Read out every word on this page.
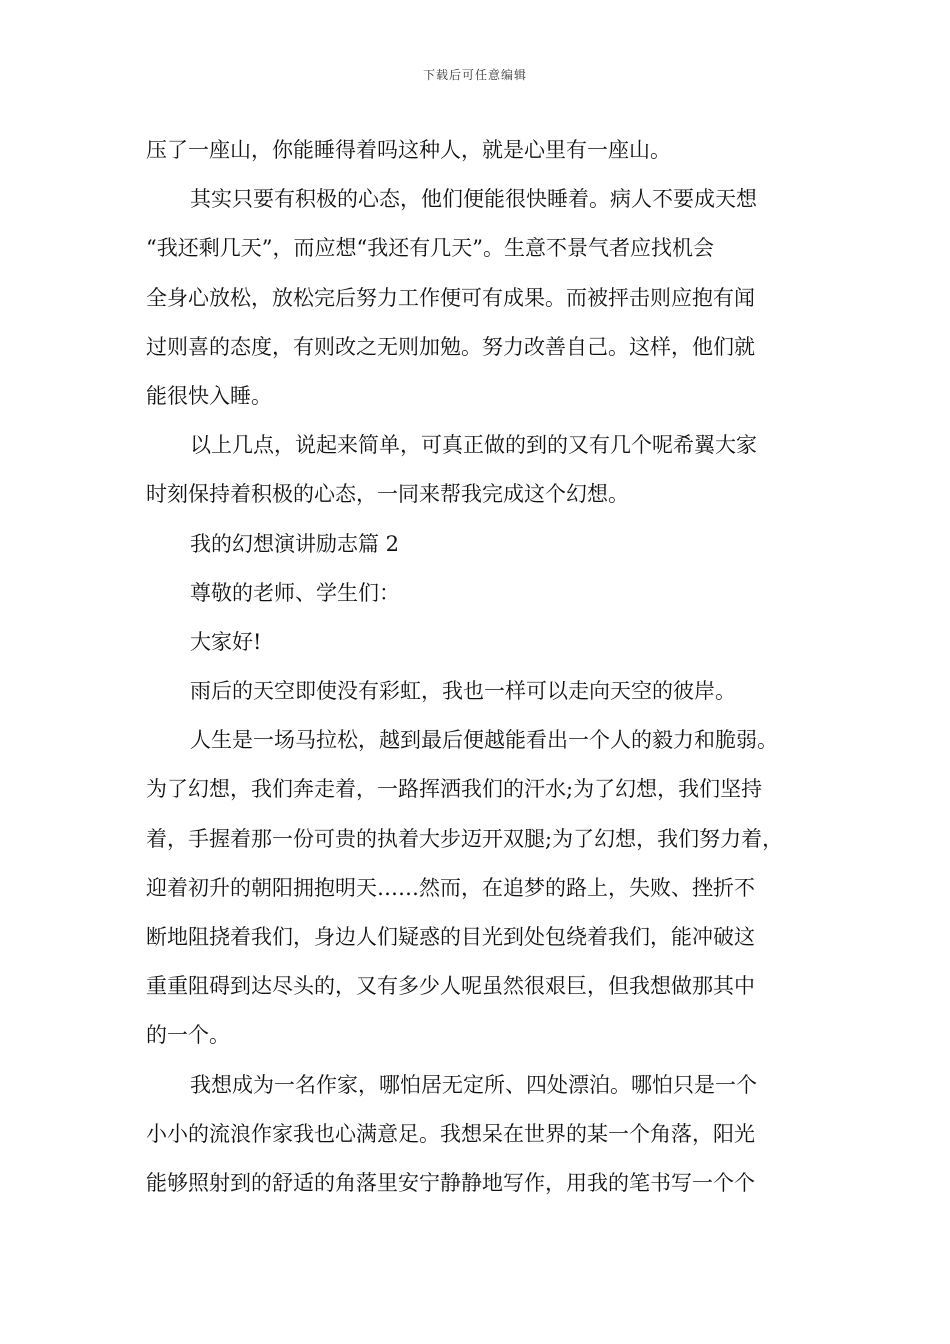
下载后可任意编辑
压了一座山，你能睡得着吗这种人，就是心里有一座山。
其实只要有积极的心态，他们便能很快睡着。病人不要成天想
“我还剩几天”，而应想“我还有几天”。生意不景气者应找机会
全身心放松，放松完后努力工作便可有成果。而被抨击则应抱有闻
过则喜的态度，有则改之无则加勉。努力改善自己。这样，他们就
能很快入睡。
以上几点，说起来简单，可真正做的到的又有几个呢希翼大家
时刻保持着积极的心态，一同来帮我完成这个幻想。
我的幻想演讲励志篇 2
尊敬的老师、学生们：
大家好!
雨后的天空即使没有彩虹，我也一样可以走向天空的彼岸。
人生是一场马拉松，越到最后便越能看出一个人的毅力和脆弱。
为了幻想，我们奔走着，一路挥洒我们的汗水;为了幻想，我们坚持
着，手握着那一份可贵的执着大步迈开双腿;为了幻想，我们努力着，
迎着初升的朝阳拥抱明天……然而，在追梦的路上，失败、挫折不
断地阻挠着我们，身边人们疑惑的目光到处包绕着我们，能冲破这
重重阻碍到达尽头的，又有多少人呢虽然很艰巨，但我想做那其中
的一个。
我想成为一名作家，哪怕居无定所、四处漂泊。哪怕只是一个
小小的流浪作家我也心满意足。我想呆在世界的某一个角落，阳光
能够照射到的舒适的角落里安宁静静地写作，用我的笔书写一个个
